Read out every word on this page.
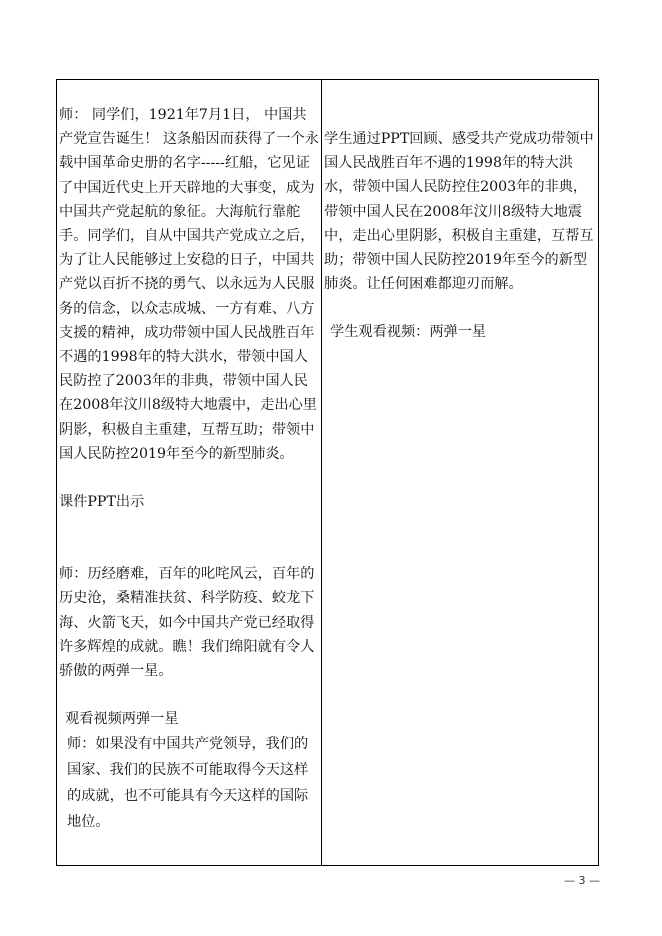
师： 同学们，1921年7月1日， 中国共产党宣告诞生！ 这条船因而获得了一个永载中国革命史册的名字-----红船，它见证了中国近代史上开天辟地的大事变，成为中国共产党起航的象征。大海航行靠舵手。同学们，自从中国共产党成立之后，为了让人民能够过上安稳的日子，中国共产党以百折不挠的勇气、以永远为人民服务的信念，以众志成城、一方有难、八方支援的精神，成功带领中国人民战胜百年不遇的1998年的特大洪水，带领中国人民防控了2003年的非典，带领中国人民在2008年汶川8级特大地震中，走出心里阴影，积极自主重建，互帮互助；带领中国人民防控2019年至今的新型肺炎。

课件PPT出示

师：历经磨难，百年的叱咤风云，百年的历史沧，桑精准扶贫、科学防疫、蛟龙下海、火箭飞天，如今中国共产党已经取得许多辉煌的成就。瞧！我们绵阳就有令人骄傲的两弹一星。

观看视频两弹一星

师：如果没有中国共产党领导，我们的国家、我们的民族不可能取得今天这样的成就，也不可能具有今天这样的国际地位。

学生通过PPT回顾、感受共产党成功带领中国人民战胜百年不遇的1998年的特大洪水，带领中国人民防控住2003年的非典，带领中国人民在2008年汶川8级特大地震中，走出心里阴影，积极自主重建，互帮互助；带领中国人民防控2019年至今的新型肺炎。让任何困难都迎刃而解。

学生观看视频：两弹一星

— 3 —
